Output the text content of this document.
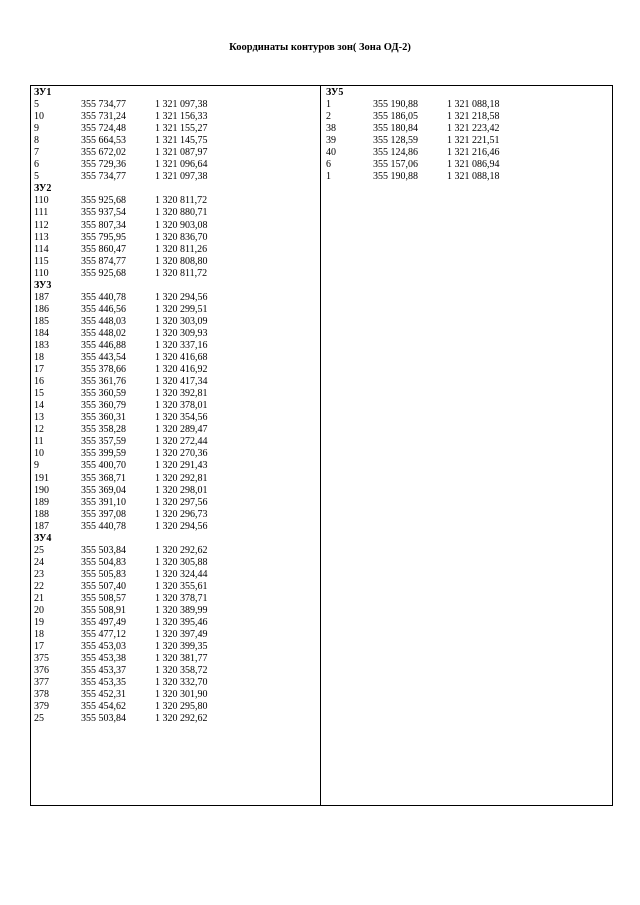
Координаты контуров зон( Зона ОД-2)
ЗУ1
5	355 734,77	1 321 097,38
10	355 731,24	1 321 156,33
9	355 724,48	1 321 155,27
8	355 664,53	1 321 145,75
7	355 672,02	1 321 087,97
6	355 729,36	1 321 096,64
5	355 734,77	1 321 097,38
ЗУ2
110	355 925,68	1 320 811,72
111	355 937,54	1 320 880,71
112	355 807,34	1 320 903,08
113	355 795,95	1 320 836,70
114	355 860,47	1 320 811,26
115	355 874,77	1 320 808,80
110	355 925,68	1 320 811,72
ЗУ3
187	355 440,78	1 320 294,56
186	355 446,56	1 320 299,51
185	355 448,03	1 320 303,09
184	355 448,02	1 320 309,93
183	355 446,88	1 320 337,16
18	355 443,54	1 320 416,68
17	355 378,66	1 320 416,92
16	355 361,76	1 320 417,34
15	355 360,59	1 320 392,81
14	355 360,79	1 320 378,01
13	355 360,31	1 320 354,56
12	355 358,28	1 320 289,47
11	355 357,59	1 320 272,44
10	355 399,59	1 320 270,36
9	355 400,70	1 320 291,43
191	355 368,71	1 320 292,81
190	355 369,04	1 320 298,01
189	355 391,10	1 320 297,56
188	355 397,08	1 320 296,73
187	355 440,78	1 320 294,56
ЗУ4
25	355 503,84	1 320 292,62
24	355 504,83	1 320 305,88
23	355 505,83	1 320 324,44
22	355 507,40	1 320 355,61
21	355 508,57	1 320 378,71
20	355 508,91	1 320 389,99
19	355 497,49	1 320 395,46
18	355 477,12	1 320 397,49
17	355 453,03	1 320 399,35
375	355 453,38	1 320 381,77
376	355 453,37	1 320 358,72
377	355 453,35	1 320 332,70
378	355 452,31	1 320 301,90
379	355 454,62	1 320 295,80
25	355 503,84	1 320 292,62
ЗУ5
1	355 190,88	1 321 088,18
2	355 186,05	1 321 218,58
38	355 180,84	1 321 223,42
39	355 128,59	1 321 221,51
40	355 124,86	1 321 216,46
6	355 157,06	1 321 086,94
1	355 190,88	1 321 088,18
